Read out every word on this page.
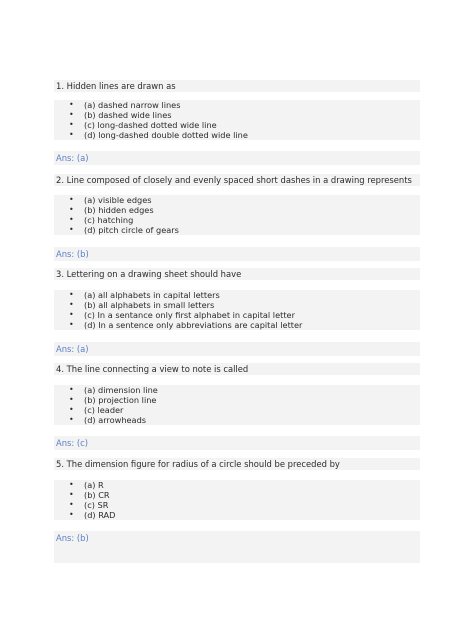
1. Hidden lines are drawn as
• (a) dashed narrow lines
• (b) dashed wide lines
• (c) long-dashed dotted wide line
• (d) long-dashed double dotted wide line
Ans: (a)
2. Line composed of closely and evenly spaced short dashes in a drawing represents
• (a) visible edges
• (b) hidden edges
• (c) hatching
• (d) pitch circle of gears
Ans: (b)
3. Lettering on a drawing sheet should have
• (a) all alphabets in capital letters
• (b) all alphabets in small letters
• (c) In a sentance only first alphabet in capital letter
• (d) In a sentence only abbreviations are capital letter
Ans: (a)
4. The line connecting a view to note is called
• (a) dimension line
• (b) projection line
• (c) leader
• (d) arrowheads
Ans: (c)
5. The dimension figure for radius of a circle should be preceded by
• (a) R
• (b) CR
• (c) SR
• (d) RAD
Ans: (b)
